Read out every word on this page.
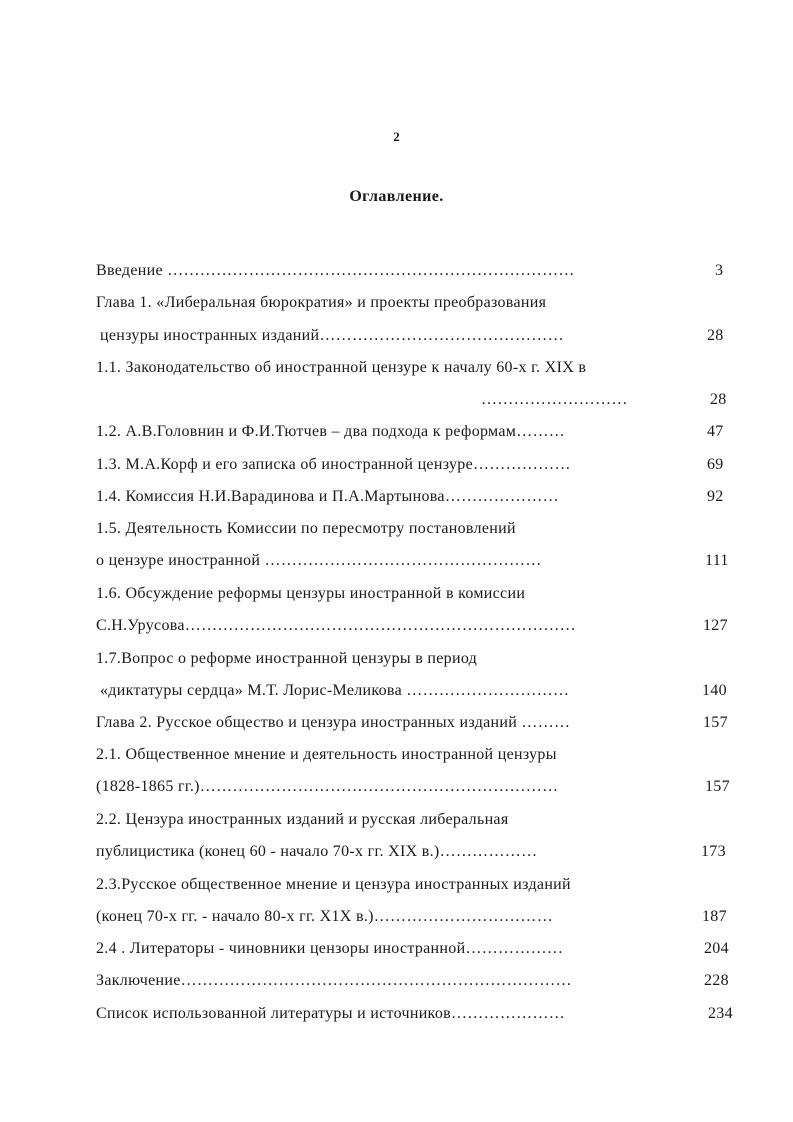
2
Оглавление.
Введение …………………………………………………………………	3
Глава 1. «Либеральная бюрократия» и проекты преобразования
цензуры иностранных изданий………………………………………	28
1.1. Законодательство об иностранной цензуре к началу 60-х г. XIX в
………………………	28
1.2. А.В.Головнин и Ф.И.Тютчев – два подхода к реформам………	47
1.3. М.А.Корф и его записка об иностранной цензуре………………	69
1.4. Комиссия Н.И.Варадинова и П.А.Мартынова…………………	92
1.5. Деятельность Комиссии по пересмотру постановлений
о цензуре иностранной ……………………………………………	111
1.6. Обсуждение реформы цензуры иностранной в комиссии
С.Н.Урусова………………………………………………………………	127
1.7.Вопрос о реформе иностранной цензуры в период
«диктатуры сердца» М.Т. Лорис-Меликова …………………………	140
Глава 2. Русское общество и цензура иностранных изданий ………	157
2.1. Общественное мнение и деятельность иностранной цензуры
(1828-1865 гг.)…………………………………………………………	157
2.2. Цензура иностранных изданий и русская либеральная
публицистика (конец 60 - начало 70-х гг. XIX в.)………………	173
2.3.Русское общественное мнение и цензура иностранных изданий
(конец 70-х гг. - начало 80-х гг. X1X в.)……………………………	187
2.4 . Литераторы - чиновники цензоры иностранной………………	204
Заключение………………………………………………………………	228
Список использованной литературы и источников…………………	234
